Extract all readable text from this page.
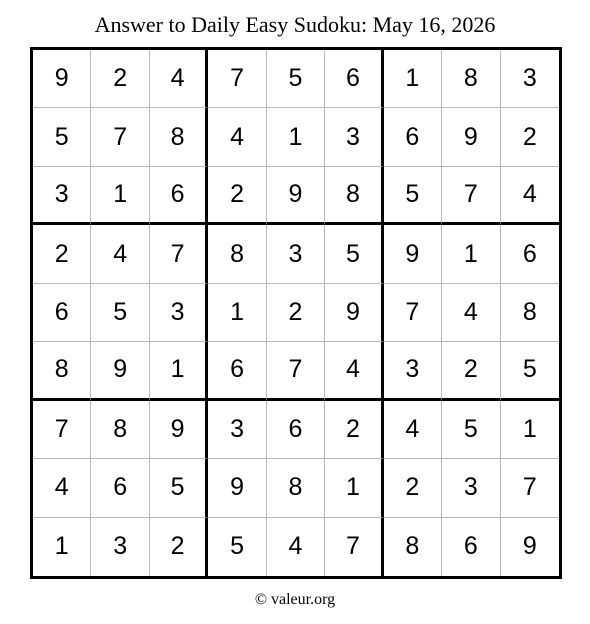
Answer to Daily Easy Sudoku: May 16, 2026
9	2	4	7	5	6	1	8	3
5	7	8	4	1	3	6	9	2
3	1	6	2	9	8	5	7	4
2	4	7	8	3	5	9	1	6
6	5	3	1	2	9	7	4	8
8	9	1	6	7	4	3	2	5
7	8	9	3	6	2	4	5	1
4	6	5	9	8	1	2	3	7
1	3	2	5	4	7	8	6	9
© valeur.org
